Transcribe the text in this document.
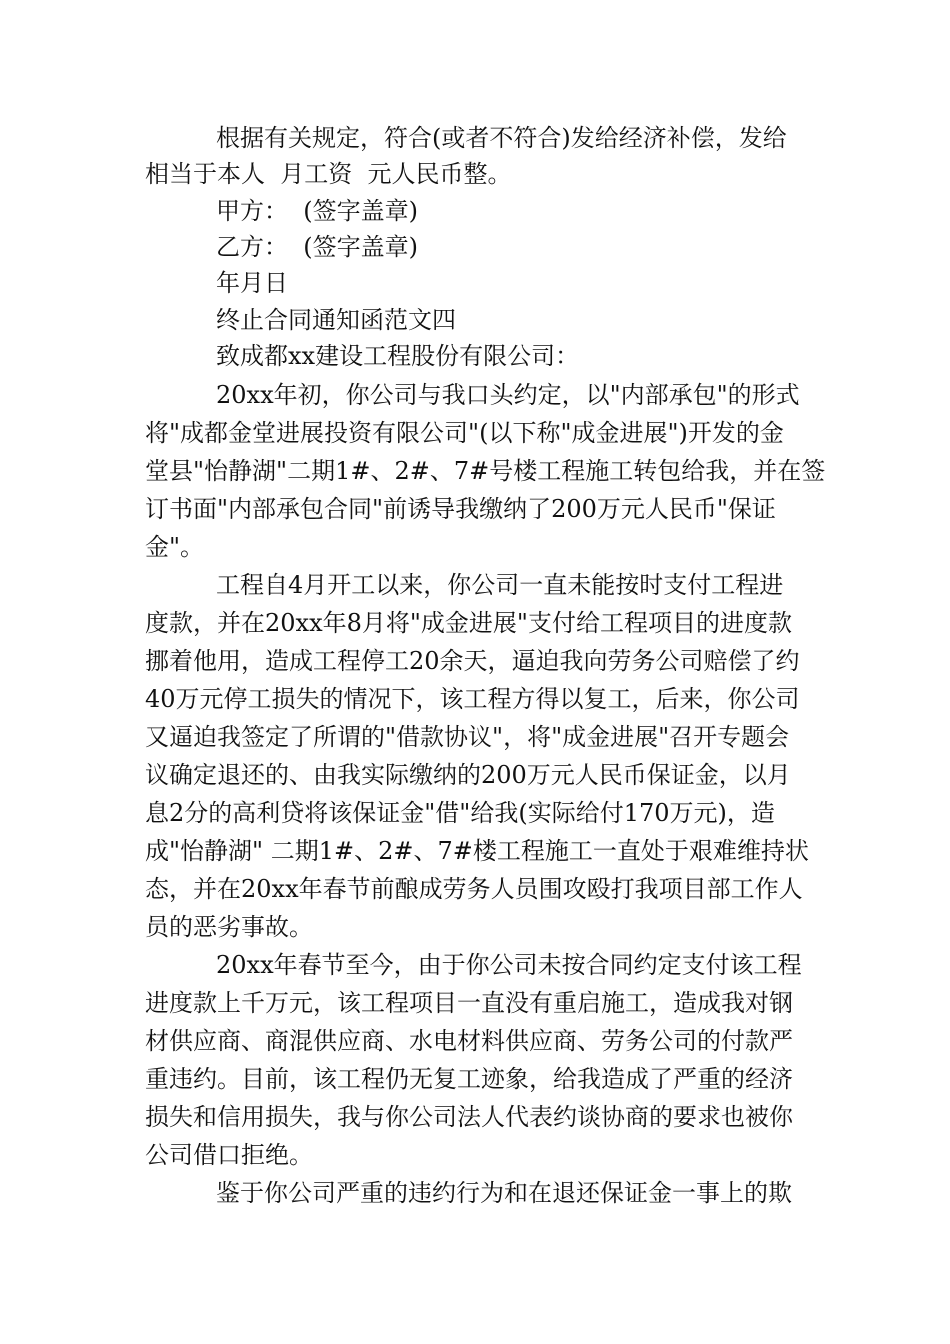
根据有关规定，符合(或者不符合)发给经济补偿，发给
相当于本人  月工资  元人民币整。
甲方：  (签字盖章)
乙方：  (签字盖章)
年月日
终止合同通知函范文四
致成都xx建设工程股份有限公司：
20xx年初，你公司与我口头约定，以"内部承包"的形式
将"成都金堂进展投资有限公司"(以下称"成金进展")开发的金
堂县"怡静湖"二期1#、2#、7#号楼工程施工转包给我，并在签
订书面"内部承包合同"前诱导我缴纳了200万元人民币"保证
金"。
工程自4月开工以来，你公司一直未能按时支付工程进
度款，并在20xx年8月将"成金进展"支付给工程项目的进度款
挪着他用，造成工程停工20余天，逼迫我向劳务公司赔偿了约
40万元停工损失的情况下，该工程方得以复工，后来，你公司
又逼迫我签定了所谓的"借款协议"，将"成金进展"召开专题会
议确定退还的、由我实际缴纳的200万元人民币保证金，以月
息2分的高利贷将该保证金"借"给我(实际给付170万元)，造
成"怡静湖" 二期1#、2#、7#楼工程施工一直处于艰难维持状
态，并在20xx年春节前酿成劳务人员围攻殴打我项目部工作人
员的恶劣事故。
20xx年春节至今，由于你公司未按合同约定支付该工程
进度款上千万元，该工程项目一直没有重启施工，造成我对钢
材供应商、商混供应商、水电材料供应商、劳务公司的付款严
重违约。目前，该工程仍无复工迹象，给我造成了严重的经济
损失和信用损失，我与你公司法人代表约谈协商的要求也被你
公司借口拒绝。
鉴于你公司严重的违约行为和在退还保证金一事上的欺
